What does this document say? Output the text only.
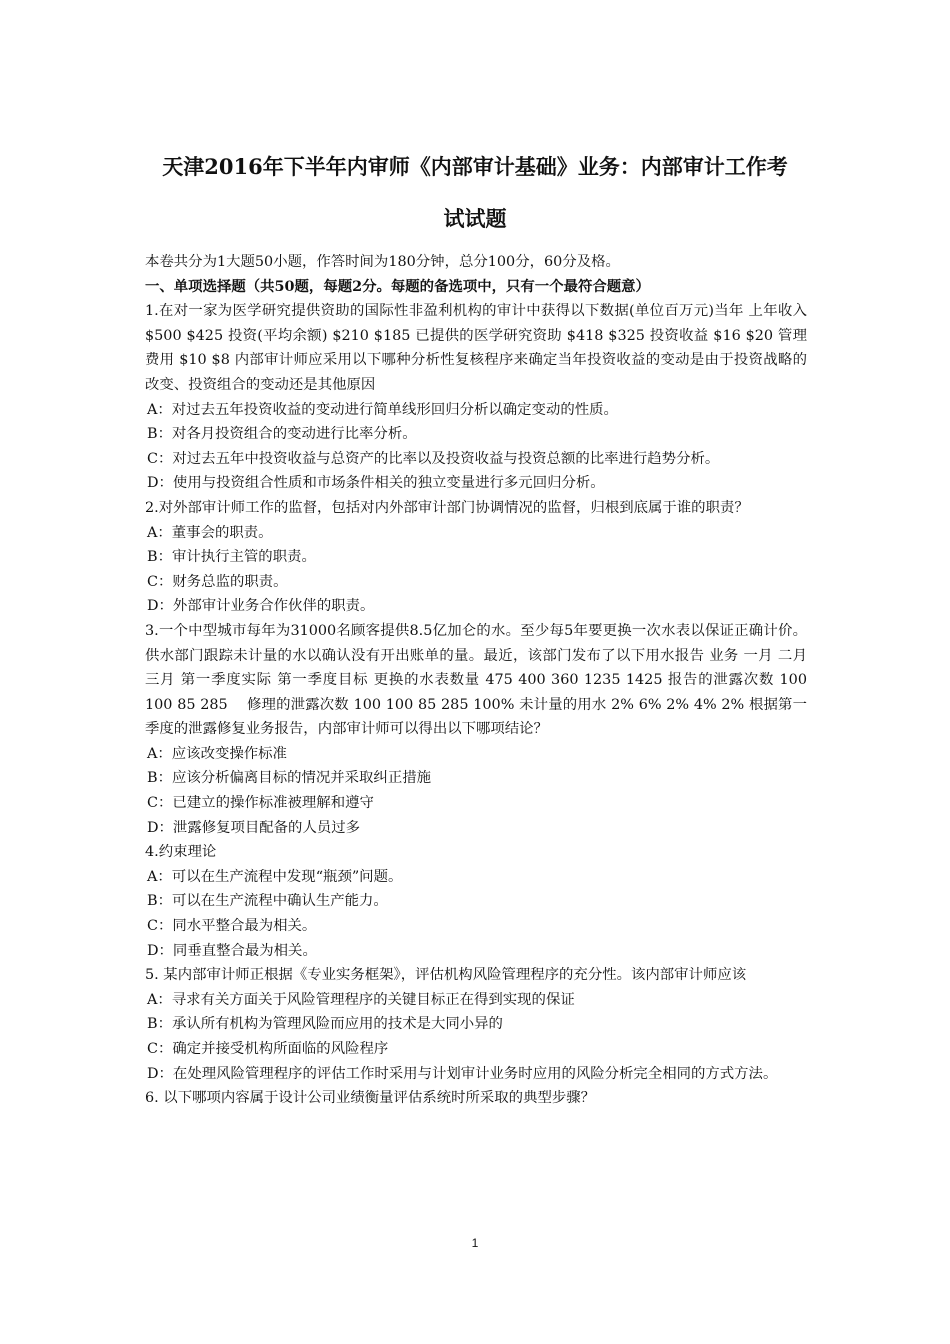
天津2016年下半年内审师《内部审计基础》业务：内部审计工作考
试试题

本卷共分为1大题50小题，作答时间为180分钟，总分100分，60分及格。

一、单项选择题（共50题，每题2分。每题的备选项中，只有一个最符合题意）

1.在对一家为医学研究提供资助的国际性非盈利机构的审计中获得以下数据(单位百万元)当年 上年收入 $500 $425 投资(平均余额) $210 $185 已提供的医学研究资助 $418 $325 投资收益 $16 $20 管理费用 $10 $8 内部审计师应采用以下哪种分析性复核程序来确定当年投资收益的变动是由于投资战略的改变、投资组合的变动还是其他原因

A：对过去五年投资收益的变动进行简单线形回归分析以确定变动的性质。

B：对各月投资组合的变动进行比率分析。

C：对过去五年中投资收益与总资产的比率以及投资收益与投资总额的比率进行趋势分析。

D：使用与投资组合性质和市场条件相关的独立变量进行多元回归分析。

2.对外部审计师工作的监督，包括对内外部审计部门协调情况的监督，归根到底属于谁的职责？

A：董事会的职责。

B：审计执行主管的职责。

C：财务总监的职责。

D：外部审计业务合作伙伴的职责。

3.一个中型城市每年为31000名顾客提供8.5亿加仑的水。至少每5年要更换一次水表以保证正确计价。供水部门跟踪未计量的水以确认没有开出账单的量。最近，该部门发布了以下用水报告 业务 一月 二月 三月 第一季度实际 第一季度目标 更换的水表数量 475 400 360 1235 1425 报告的泄露次数 100 100 85 285 　修理的泄露次数 100 100 85 285 100% 未计量的用水 2% 6% 2% 4% 2% 根据第一季度的泄露修复业务报告，内部审计师可以得出以下哪项结论？

A：应该改变操作标准

B：应该分析偏离目标的情况并采取纠正措施

C：已建立的操作标准被理解和遵守

D：泄露修复项目配备的人员过多

4.约束理论

A：可以在生产流程中发现“瓶颈”问题。

B：可以在生产流程中确认生产能力。

C：同水平整合最为相关。

D：同垂直整合最为相关。

5. 某内部审计师正根据《专业实务框架》，评估机构风险管理程序的充分性。该内部审计师应该

A：寻求有关方面关于风险管理程序的关键目标正在得到实现的保证

B：承认所有机构为管理风险而应用的技术是大同小异的

C：确定并接受机构所面临的风险程序

D：在处理风险管理程序的评估工作时采用与计划审计业务时应用的风险分析完全相同的方式方法。

6. 以下哪项内容属于设计公司业绩衡量评估系统时所采取的典型步骤？

1
